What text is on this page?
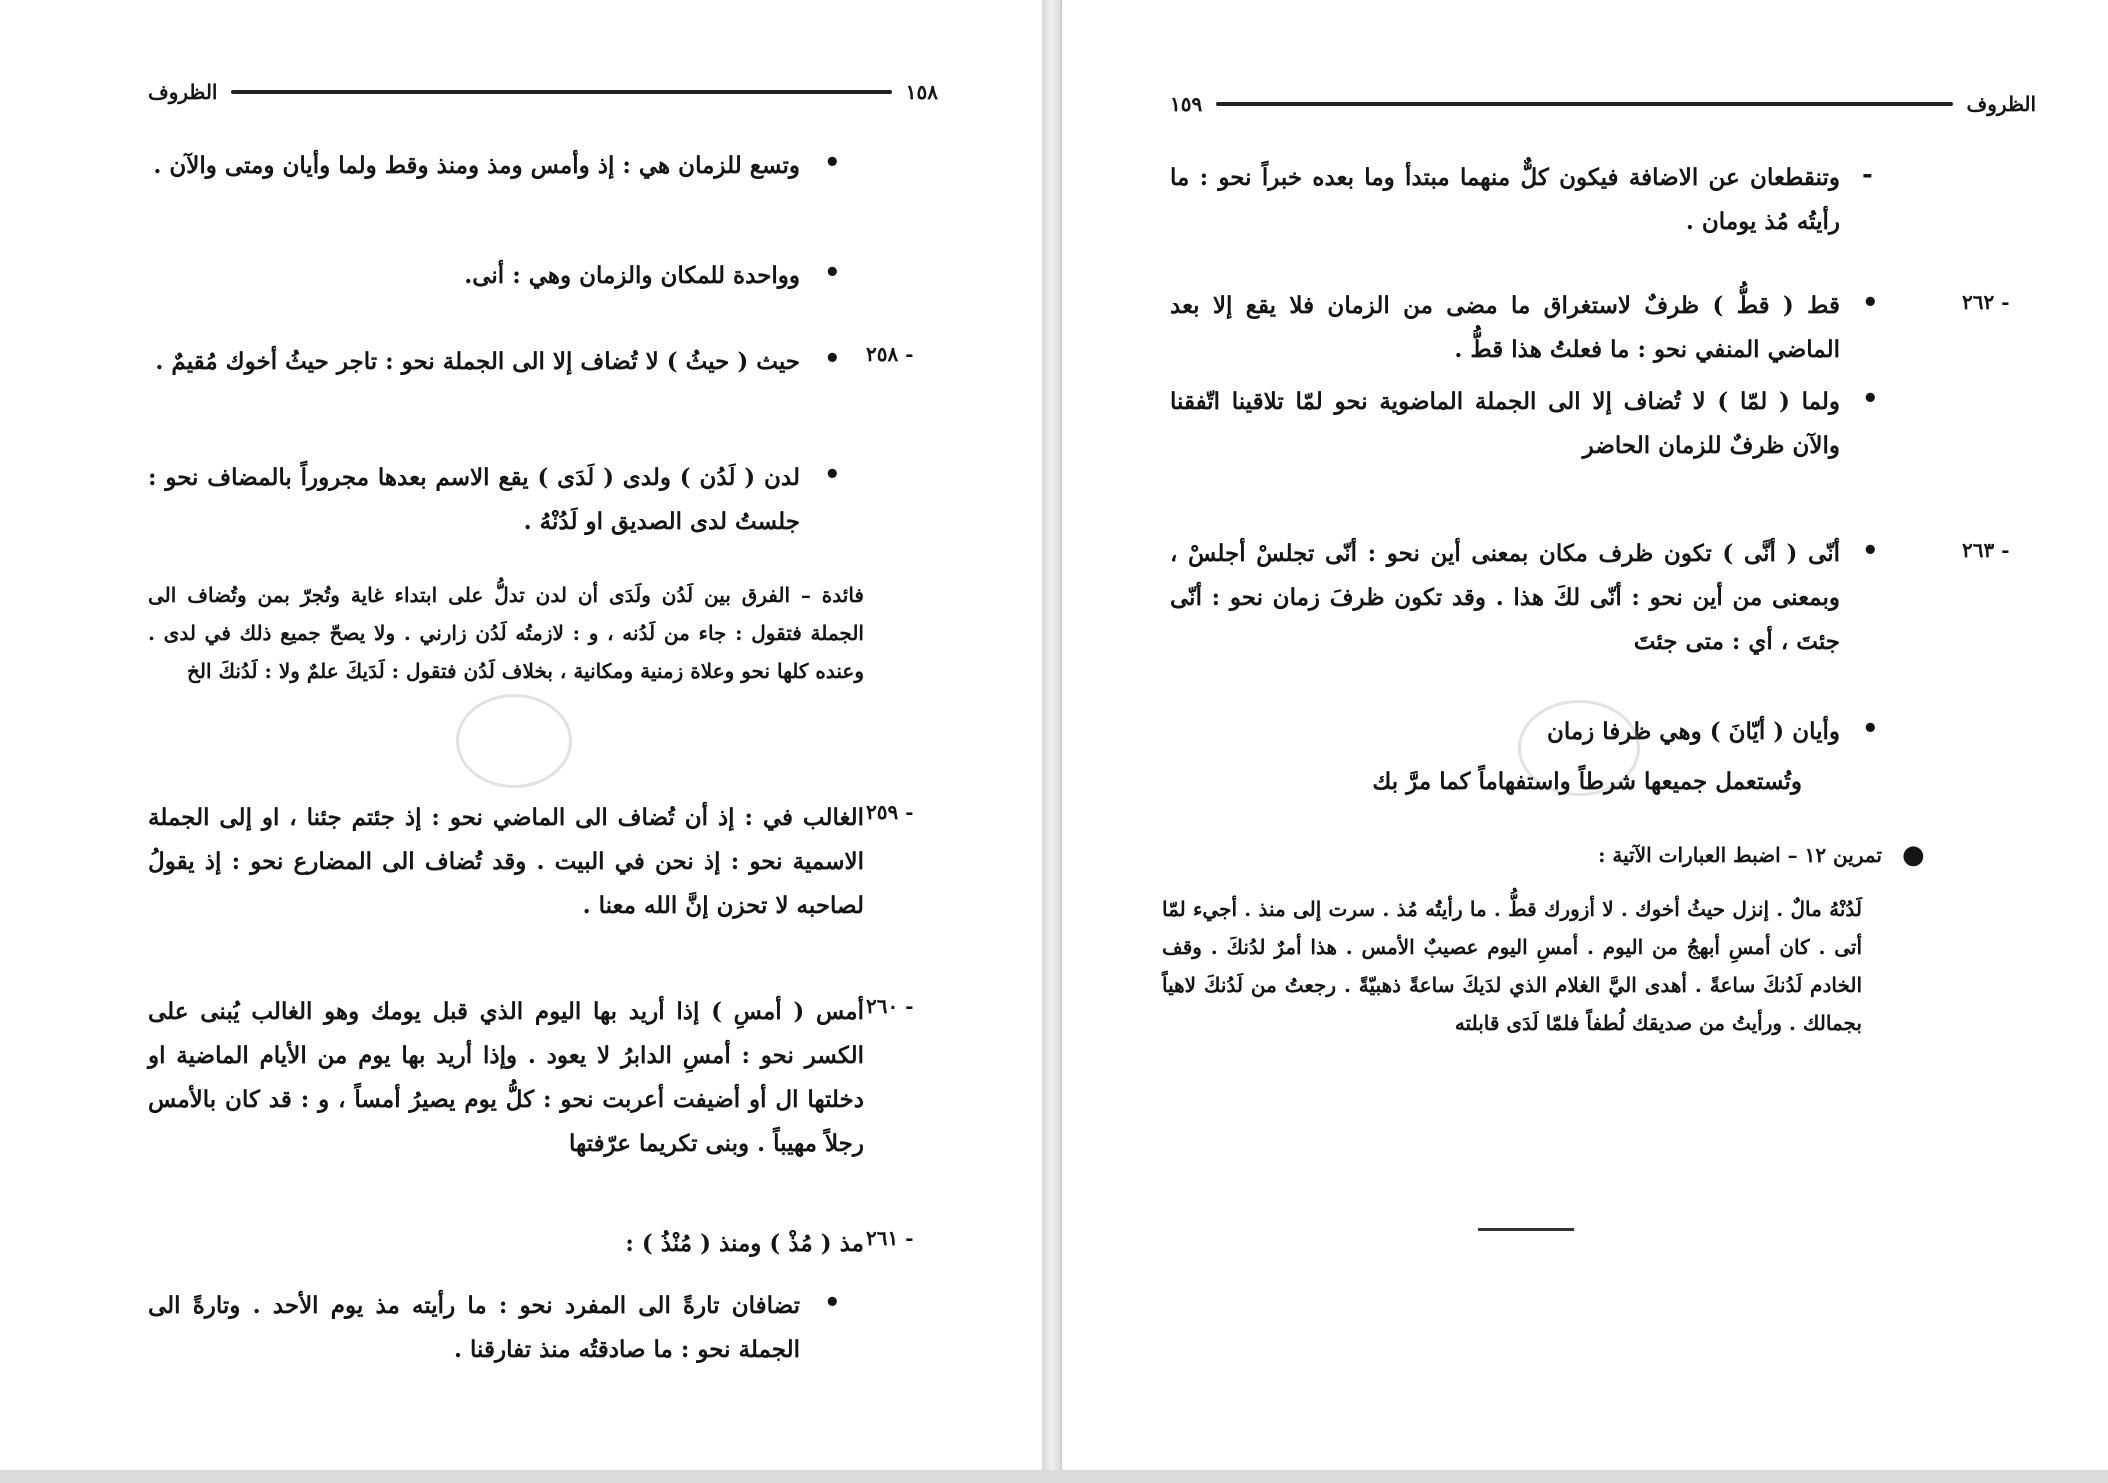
١٥٨
الظروف
•
وتسع للزمان هي : إذ وأمس ومذ ومنذ وقط ولما وأيان ومتى والآن .
•
وواحدة للمكان والزمان وهي : أنى.
٢٥٨ -
•
حيث ( حيثُ ) لا تُضاف إلا الى الجملة نحو : تاجر حيثُ أخوك مُقيمٌ .
•
لدن ( لَدُن ) ولدى ( لَدَى ) يقع الاسم بعدها مجروراً بالمضاف نحو : جلستُ لدى الصديق او لَدُنْهُ .
فائدة – الفرق بين لَدُن ولَدَى أن لدن تدلُّ على ابتداء غاية وتُجرّ بمن وتُضاف الى الجملة فتقول : جاء من لَدُنه ، و : لازمتُه لَدُن زارني . ولا يصحّ جميع ذلك في لدى . وعنده كلها نحو وعلاة زمنية ومكانية ، بخلاف لَدُن فتقول : لَدَيكَ علمٌ ولا : لَدُنكَ الخ
٢٥٩ -
الغالب في : إذ أن تُضاف الى الماضي نحو : إذ جئتم جئنا ، او إلى الجملة الاسمية نحو : إذ نحن في البيت . وقد تُضاف الى المضارع نحو : إذ يقولُ لصاحبه لا تحزن إنَّ الله معنا .
٢٦٠ -
أمس ( أمسِ ) إذا أريد بها اليوم الذي قبل يومك وهو الغالب يُبنى على الكسر نحو : أمسِ الدابرُ لا يعود . وإذا أريد بها يوم من الأيام الماضية او دخلتها ال أو أضيفت أعربت نحو : كلُّ يوم يصيرُ أمساً ، و : قد كان بالأمس رجلاً مهيباً . وبنى تكريما عرّفتها
٢٦١ -
مذ ( مُذْ ) ومنذ ( مُنْذُ ) :
•
تضافان تارةً الى المفرد نحو : ما رأيته مذ يوم الأحد . وتارةً الى الجملة نحو : ما صادقتُه منذ تفارقنا .
الظروف
١٥٩
-
وتنقطعان عن الاضافة فيكون كلٌّ منهما مبتدأ وما بعده خبراً نحو : ما رأيتُه مُذ يومان .
٢٦٢ -
•
قط ( قطُّ ) ظرفٌ لاستغراق ما مضى من الزمان فلا يقع إلا بعد الماضي المنفي نحو : ما فعلتُ هذا قطُّ .
•
ولما ( لمّا ) لا تُضاف إلا الى الجملة الماضوية نحو لمّا تلاقينا اتّفقنا والآن ظرفٌ للزمان الحاضر
٢٦٣ -
•
أنّى ( أنَّى ) تكون ظرف مكان بمعنى أين نحو : أنّى تجلسْ أجلسْ ، وبمعنى من أين نحو : أنّى لكَ هذا . وقد تكون ظرفَ زمان نحو : أنّى جئتَ ، أي : متى جئتَ
•
وأيان ( أيّانَ ) وهي ظرفا زمان
وتُستعمل جميعها شرطاً واستفهاماً كما مرَّ بك
●
تمرين ١٢ – اضبط العبارات الآتية :
لَدُنْهُ مالٌ . إنزل حيثُ أخوك . لا أزورك قطُّ . ما رأيتُه مُذ . سرت إلى منذ . أجيء لمّا أتى . كان أمسِ أبهجُ من اليوم . أمسِ اليوم عصيبٌ الأمس . هذا أمرٌ لدُنكَ . وقف الخادم لَدُنكَ ساعةً . أهدى اليَّ الغلام الذي لدَيكَ ساعةً ذهبيّةً . رجعتُ من لَدُنكَ لاهياً بجمالك . ورأيتُ من صديقك لُطفاً فلمّا لَدَى قابلته
